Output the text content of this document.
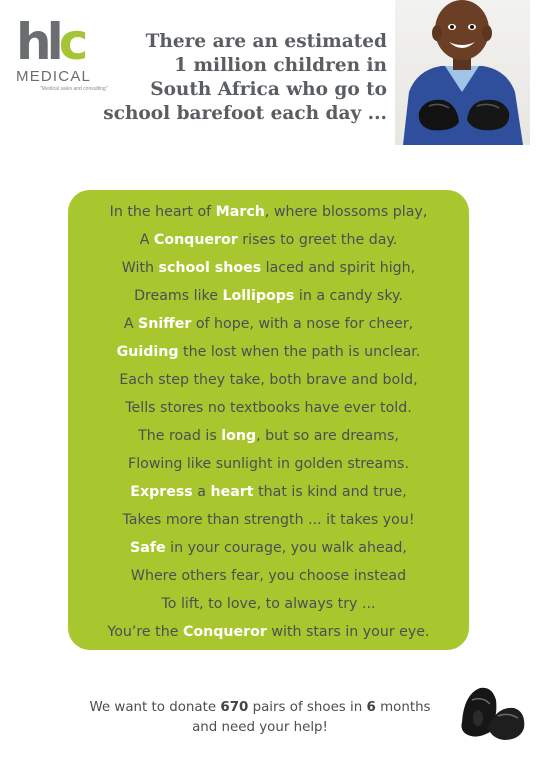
hlc
MEDICAL
"Medical sales and consulting"
There are an estimated
1 million children in
South Africa who go to
school barefoot each day ...
In the heart of March, where blossoms play,
A Conqueror rises to greet the day.
With school shoes laced and spirit high,
Dreams like Lollipops in a candy sky.
A Sniffer of hope, with a nose for cheer,
Guiding the lost when the path is unclear.
Each step they take, both brave and bold,
Tells stores no textbooks have ever told.
The road is long, but so are dreams,
Flowing like sunlight in golden streams.
Express a heart that is kind and true,
Takes more than strength ... it takes you!
Safe in your courage, you walk ahead,
Where others fear, you choose instead
To lift, to love, to always try ...
You’re the Conqueror with stars in your eye.
We want to donate 670 pairs of shoes in 6 months
and need your help!
